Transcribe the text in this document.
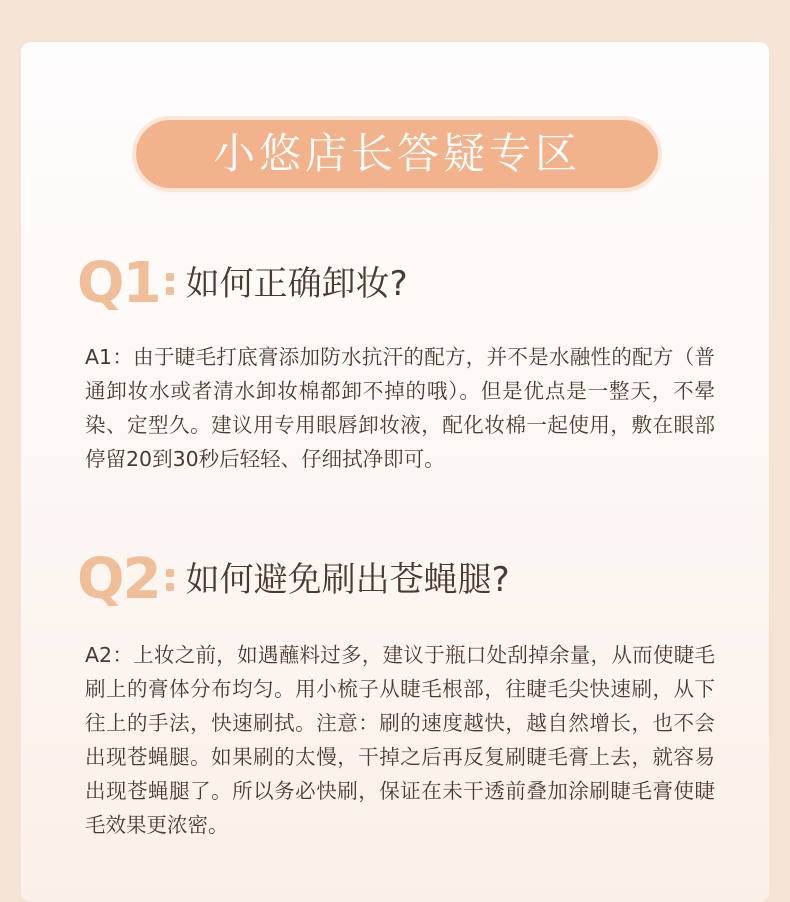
小悠店长答疑专区
Q1 如何正确卸妆?

A1：由于睫毛打底膏添加防水抗汗的配方，并不是水融性的配方（普通卸妆水或者清水卸妆棉都卸不掉的哦）。但是优点是一整天，不晕染、定型久。建议用专用眼唇卸妆液，配化妆棉一起使用，敷在眼部停留20到30秒后轻轻、仔细拭净即可。

Q2 如何避免刷出苍蝇腿?

A2：上妆之前，如遇蘸料过多，建议于瓶口处刮掉余量，从而使睫毛刷上的膏体分布均匀。用小梳子从睫毛根部，往睫毛尖快速刷，从下往上的手法，快速刷拭。注意：刷的速度越快，越自然增长，也不会出现苍蝇腿。如果刷的太慢，干掉之后再反复刷睫毛膏上去，就容易出现苍蝇腿了。所以务必快刷，保证在未干透前叠加涂刷睫毛膏使睫毛效果更浓密。
